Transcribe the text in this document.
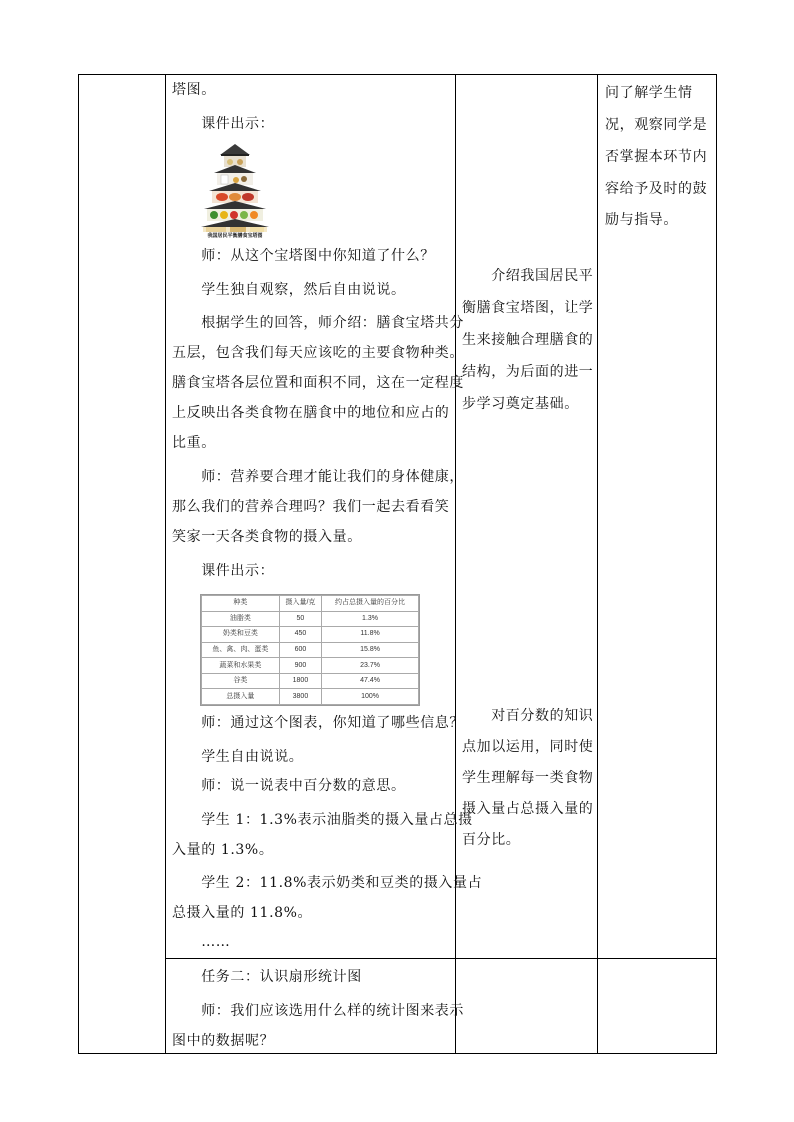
塔图。
　　课件出示：
我国居民平衡膳食宝塔图
　　师：从这个宝塔图中你知道了什么？
　　学生独自观察，然后自由说说。
　　根据学生的回答，师介绍：膳食宝塔共分
五层，包含我们每天应该吃的主要食物种类。
膳食宝塔各层位置和面积不同，这在一定程度
上反映出各类食物在膳食中的地位和应占的
比重。
　　师：营养要合理才能让我们的身体健康，
那么我们的营养合理吗？我们一起去看看笑
笑家一天各类食物的摄入量。
　　课件出示：
种类	摄入量/克	约占总摄入量的百分比
油脂类	50	1.3%
奶类和豆类	450	11.8%
鱼、禽、肉、蛋类	600	15.8%
蔬菜和水果类	900	23.7%
谷类	1800	47.4%
总摄入量	3800	100%
　　师：通过这个图表，你知道了哪些信息？
　　学生自由说说。
　　师：说一说表中百分数的意思。
　　学生 1：1.3%表示油脂类的摄入量占总摄
入量的 1.3%。
　　学生 2：11.8%表示奶类和豆类的摄入量占
总摄入量的 11.8%。
　　……
　　任务二：认识扇形统计图
　　师：我们应该选用什么样的统计图来表示
图中的数据呢？
　　介绍我国居民平
衡膳食宝塔图，让学
生来接触合理膳食的
结构，为后面的进一
步学习奠定基础。
　　对百分数的知识
点加以运用，同时使
学生理解每一类食物
摄入量占总摄入量的
百分比。
问了解学生情
况，观察同学是
否掌握本环节内
容给予及时的鼓
励与指导。
